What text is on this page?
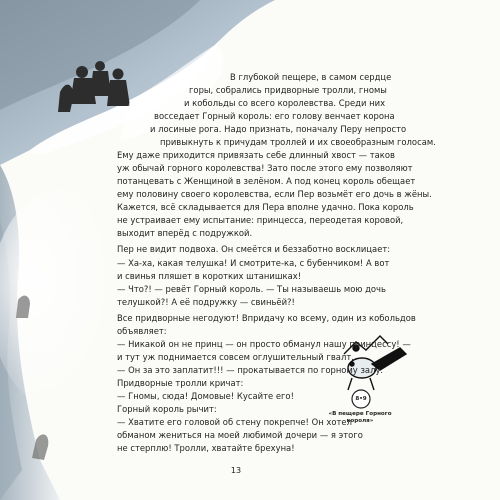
В глубокой пещере, в самом сердце
горы, собрались придворные тролли, гномы
и кобольды со всего королевства. Среди них
восседает Горный король: его голову венчает корона
и лосиные рога. Надо признать, поначалу Перу непросто
привыкнуть к причудам троллей и их своеобразным голосам.
Ему даже приходится привязать себе длинный хвост — таков
уж обычай горного королевства! Зато после этого ему позволяют
потанцевать с Женщиной в зелёном. А под конец король обещает
ему половину своего королевства, если Пер возьмёт его дочь в жёны.
Кажется, всё складывается для Пера вполне удачно. Пока король
не устраивает ему испытание: принцесса, переодетая коровой,
выходит вперёд с подружкой.
Пер не видит подвоха. Он смеётся и беззаботно восклицает:
— Ха-ха, какая телушка! И смотрите-ка, с бубенчиком! А вот
и свинья пляшет в коротких штанишках!
— Что?! — ревёт Горный король. — Ты называешь мою дочь
телушкой?! А её подружку — свиньёй?!
Все придворные негодуют! Впридачу ко всему, один из кобольдов
объявляет:
— Никакой он не принц — он просто обманул нашу принцессу! —
и тут уж поднимается совсем оглушительный гвалт.
— Он за это заплатит!!! — прокатывается по горному залу.
Придворные тролли кричат:
— Гномы, сюда! Домовые! Кусайте его!
Горный король рычит:
— Хватите его головой об стену покрепче! Он хотел
обманом жениться на моей любимой дочери — я этого
не стерплю! Тролли, хватайте брехуна!
8•9
«В пещере Горного
короля»
13
